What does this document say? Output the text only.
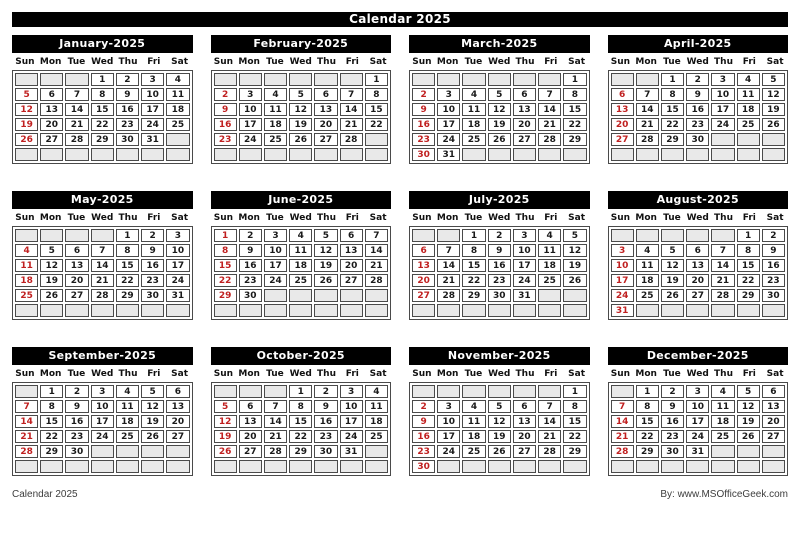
Calendar 2025
January-2025
Sun Mon Tue Wed Thu	Fri	Sat
			1	2	3	4
5	6	7	8	9	10	11
12	13	14	15	16	17	18
19	20	21	22	23	24	25
26	27	28	29	30	31	

February-2025
Sun Mon Tue Wed Thu	Fri	Sat
						1
2	3	4	5	6	7	8
9	10	11	12	13	14	15
16	17	18	19	20	21	22
23	24	25	26	27	28	

March-2025
Sun Mon Tue Wed Thu	Fri	Sat
						1
2	3	4	5	6	7	8
9	10	11	12	13	14	15
16	17	18	19	20	21	22
23	24	25	26	27	28	29
30	31					
April-2025
Sun Mon Tue Wed Thu	Fri	Sat
		1	2	3	4	5
6	7	8	9	10	11	12
13	14	15	16	17	18	19
20	21	22	23	24	25	26
27	28	29	30			

May-2025
Sun Mon Tue Wed Thu	Fri	Sat
				1	2	3
4	5	6	7	8	9	10
11	12	13	14	15	16	17
18	19	20	21	22	23	24
25	26	27	28	29	30	31

June-2025
Sun Mon Tue Wed Thu	Fri	Sat
1	2	3	4	5	6	7
8	9	10	11	12	13	14
15	16	17	18	19	20	21
22	23	24	25	26	27	28
29	30					

July-2025
Sun Mon Tue Wed Thu	Fri	Sat
		1	2	3	4	5
6	7	8	9	10	11	12
13	14	15	16	17	18	19
20	21	22	23	24	25	26
27	28	29	30	31		

August-2025
Sun Mon Tue Wed Thu	Fri	Sat
					1	2
3	4	5	6	7	8	9
10	11	12	13	14	15	16
17	18	19	20	21	22	23
24	25	26	27	28	29	30
31						
September-2025
Sun Mon Tue Wed Thu	Fri	Sat
	1	2	3	4	5	6
7	8	9	10	11	12	13
14	15	16	17	18	19	20
21	22	23	24	25	26	27
28	29	30				

October-2025
Sun Mon Tue Wed Thu	Fri	Sat
			1	2	3	4
5	6	7	8	9	10	11
12	13	14	15	16	17	18
19	20	21	22	23	24	25
26	27	28	29	30	31	

November-2025
Sun Mon Tue Wed Thu	Fri	Sat
						1
2	3	4	5	6	7	8
9	10	11	12	13	14	15
16	17	18	19	20	21	22
23	24	25	26	27	28	29
30						
December-2025
Sun Mon Tue Wed Thu	Fri	Sat
	1	2	3	4	5	6
7	8	9	10	11	12	13
14	15	16	17	18	19	20
21	22	23	24	25	26	27
28	29	30	31			

Calendar 2025	By: www.MSOfficeGeek.com
